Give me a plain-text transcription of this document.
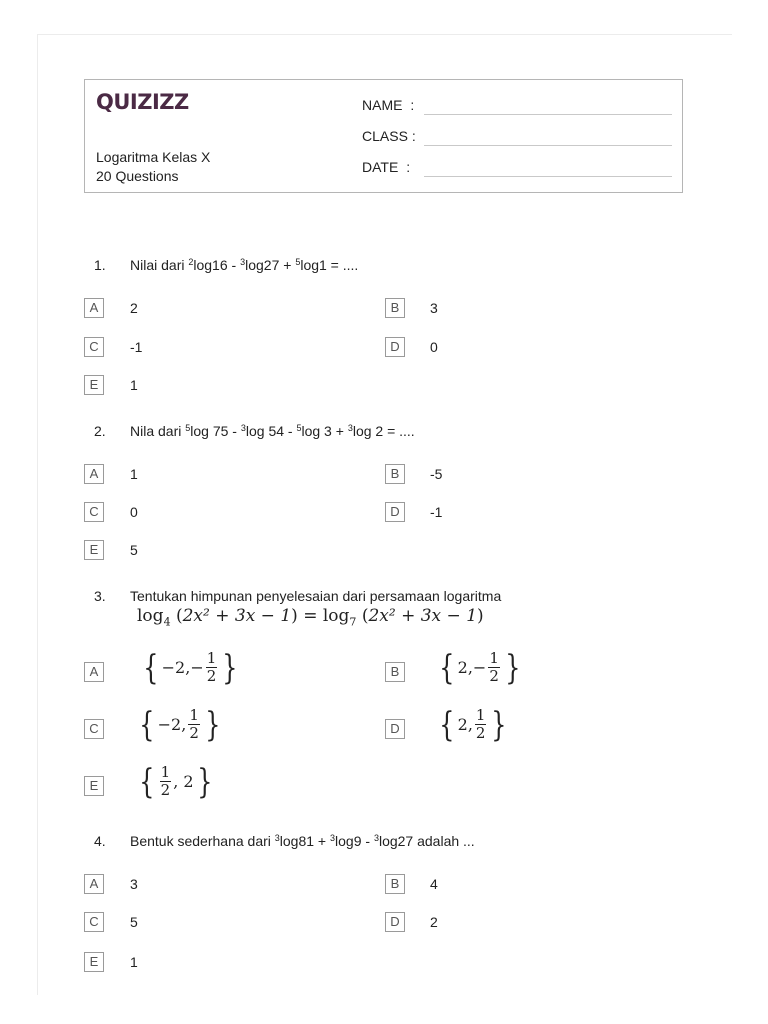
QUIZIZZ
Logaritma Kelas X
20 Questions
NAME :
CLASS :
DATE :
1. Nilai dari $^2$log16 - $^3$log27 + $^5$log1 = ....
A	2	B	3
C	-1	D	0
E	1
2. Nila dari $^5$log 75 - $^3$log 54 - $^5$log 3 + $^3$log 2 = ....
A	1	B	-5
C	0	D	-1
E	5
3. Tentukan himpunan penyelesaian dari persamaan logaritma
$\log_4 (2x^2 + 3x - 1) = \log_7 (2x^2 + 3x - 1)$
A { −2, − $\frac{1}{2}$ }	B { 2, − $\frac{1}{2}$ }
C { −2, $\frac{1}{2}$ }	D { 2, $\frac{1}{2}$ }
E { $\frac{1}{2}$ , 2 }
4. Bentuk sederhana dari $^3$log81 + $^3$log9 - $^3$log27 adalah ...
A	3	B	4
C	5	D	2
E	1
